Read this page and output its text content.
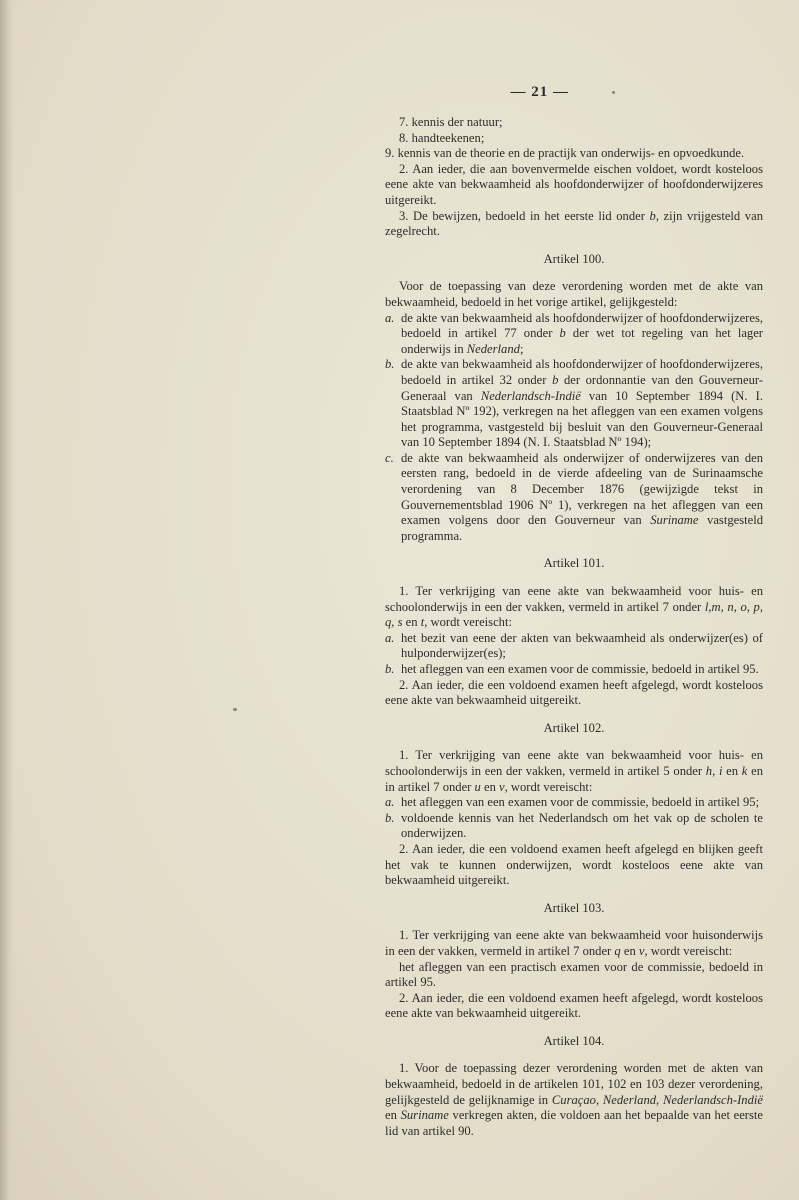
— 21 —

7. kennis der natuur;

8. handteekenen;

9. kennis van de theorie en de practijk van onderwijs- en opvoedkunde.

2. Aan ieder, die aan bovenvermelde eischen voldoet, wordt kosteloos eene akte van bekwaamheid als hoofdonderwijzer of hoofdonderwijzeres uitgereikt.

3. De bewijzen, bedoeld in het eerste lid onder b, zijn vrijgesteld van zegelrecht.

Artikel 100.

Voor de toepassing van deze verordening worden met de akte van bekwaamheid, bedoeld in het vorige artikel, gelijkgesteld:

a. de akte van bekwaamheid als hoofdonderwijzer of hoofdonderwijzeres, bedoeld in artikel 77 onder b der wet tot regeling van het lager onderwijs in Nederland;

b. de akte van bekwaamheid als hoofdonderwijzer of hoofdonderwijzeres, bedoeld in artikel 32 onder b der ordonnantie van den Gouverneur-Generaal van Nederlandsch-Indië van 10 September 1894 (N. I. Staatsblad Nº 192), verkregen na het afleggen van een examen volgens het programma, vastgesteld bij besluit van den Gouverneur-Generaal van 10 September 1894 (N. I. Staatsblad Nº 194);

c. de akte van bekwaamheid als onderwijzer of onderwijzeres van den eersten rang, bedoeld in de vierde afdeeling van de Surinaamsche verordening van 8 December 1876 (gewijzigde tekst in Gouvernementsblad 1906 Nº 1), verkregen na het afleggen van een examen volgens door den Gouverneur van Suriname vastgesteld programma.

Artikel 101.

1. Ter verkrijging van eene akte van bekwaamheid voor huis- en schoolonderwijs in een der vakken, vermeld in artikel 7 onder l,m, n, o, p, q, s en t, wordt vereischt:

a. het bezit van eene der akten van bekwaamheid als onderwijzer(es) of hulponderwijzer(es);

b. het afleggen van een examen voor de commissie, bedoeld in artikel 95.

2. Aan ieder, die een voldoend examen heeft afgelegd, wordt kosteloos eene akte van bekwaamheid uitgereikt.

Artikel 102.

1. Ter verkrijging van eene akte van bekwaamheid voor huis- en schoolonderwijs in een der vakken, vermeld in artikel 5 onder h, i en k en in artikel 7 onder u en v, wordt vereischt:

a. het afleggen van een examen voor de commissie, bedoeld in artikel 95;

b. voldoende kennis van het Nederlandsch om het vak op de scholen te onderwijzen.

2. Aan ieder, die een voldoend examen heeft afgelegd en blijken geeft het vak te kunnen onderwijzen, wordt kosteloos eene akte van bekwaamheid uitgereikt.

Artikel 103.

1. Ter verkrijging van eene akte van bekwaamheid voor huisonderwijs in een der vakken, vermeld in artikel 7 onder q en v, wordt vereischt:

het afleggen van een practisch examen voor de commissie, bedoeld in artikel 95.

2. Aan ieder, die een voldoend examen heeft afgelegd, wordt kosteloos eene akte van bekwaamheid uitgereikt.

Artikel 104.

1. Voor de toepassing dezer verordening worden met de akten van bekwaamheid, bedoeld in de artikelen 101, 102 en 103 dezer verordening, gelijkgesteld de gelijknamige in Curaçao, Nederland, Nederlandsch-Indië en Suriname verkregen akten, die voldoen aan het bepaalde van het eerste lid van artikel 90.
